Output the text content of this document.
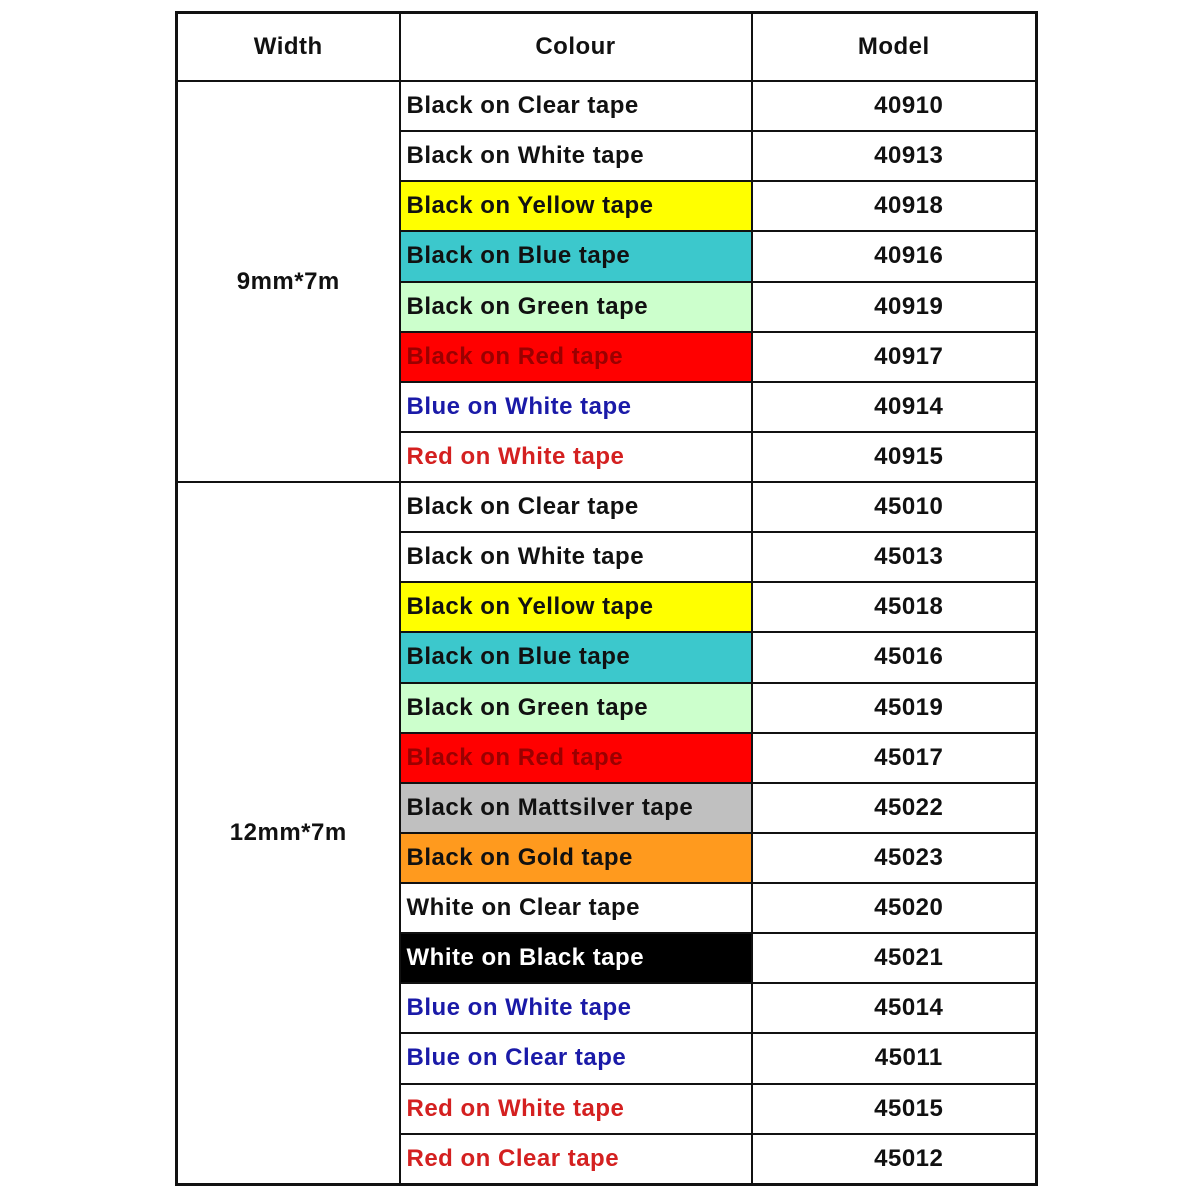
Width	Colour	Model
9mm*7m	Black on Clear tape	40910
	Black on White tape	40913
	Black on Yellow tape	40918
	Black on Blue tape	40916
	Black on Green tape	40919
	Black on Red tape	40917
	Blue on White tape	40914
	Red on White tape	40915
12mm*7m	Black on Clear tape	45010
	Black on White tape	45013
	Black on Yellow tape	45018
	Black on Blue tape	45016
	Black on Green tape	45019
	Black on Red tape	45017
	Black on Mattsilver tape	45022
	Black on Gold tape	45023
	White on Clear tape	45020
	White on Black tape	45021
	Blue on White tape	45014
	Blue on Clear tape	45011
	Red on White tape	45015
	Red on Clear tape	45012
